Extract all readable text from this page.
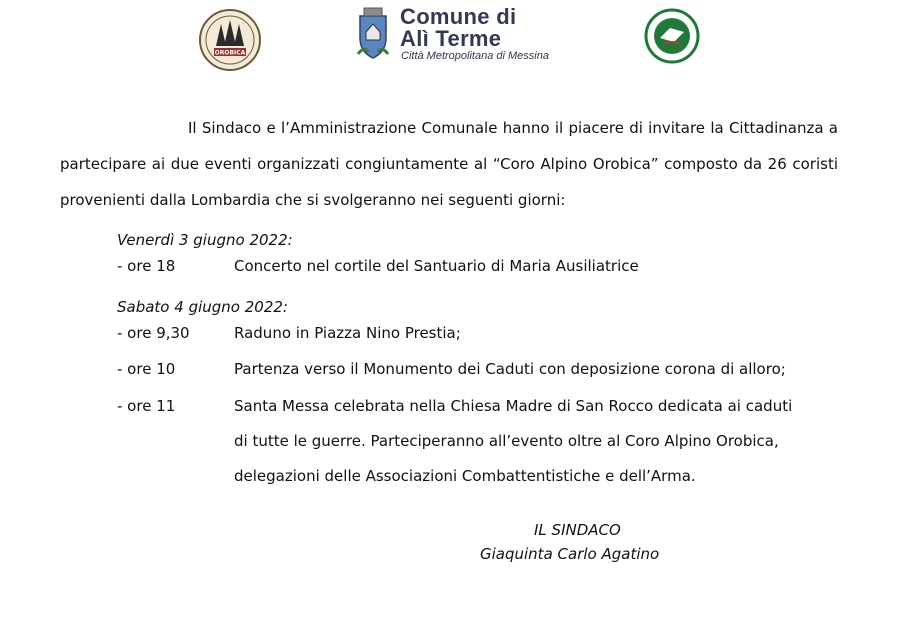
OROBICA
Comune di
Alì Terme
Città Metropolitana di Messina
Il Sindaco e l’Amministrazione Comunale hanno il piacere di invitare la Cittadinanza a partecipare ai due eventi organizzati congiuntamente al “Coro Alpino Orobica” composto da 26 coristi provenienti dalla Lombardia che si svolgeranno nei seguenti giorni:
Venerdì 3 giugno 2022:
- ore 18	Concerto nel cortile del Santuario di Maria Ausiliatrice
Sabato 4 giugno 2022:
- ore 9,30	Raduno in Piazza Nino Prestia;
- ore 10	Partenza verso il Monumento dei Caduti con deposizione corona di alloro;
- ore 11	Santa Messa celebrata nella Chiesa Madre di San Rocco dedicata ai caduti
di tutte le guerre. Parteciperanno all’evento oltre al Coro Alpino Orobica,
delegazioni delle Associazioni Combattentistiche e dell’Arma.
IL SINDACO
Giaquinta Carlo Agatino
